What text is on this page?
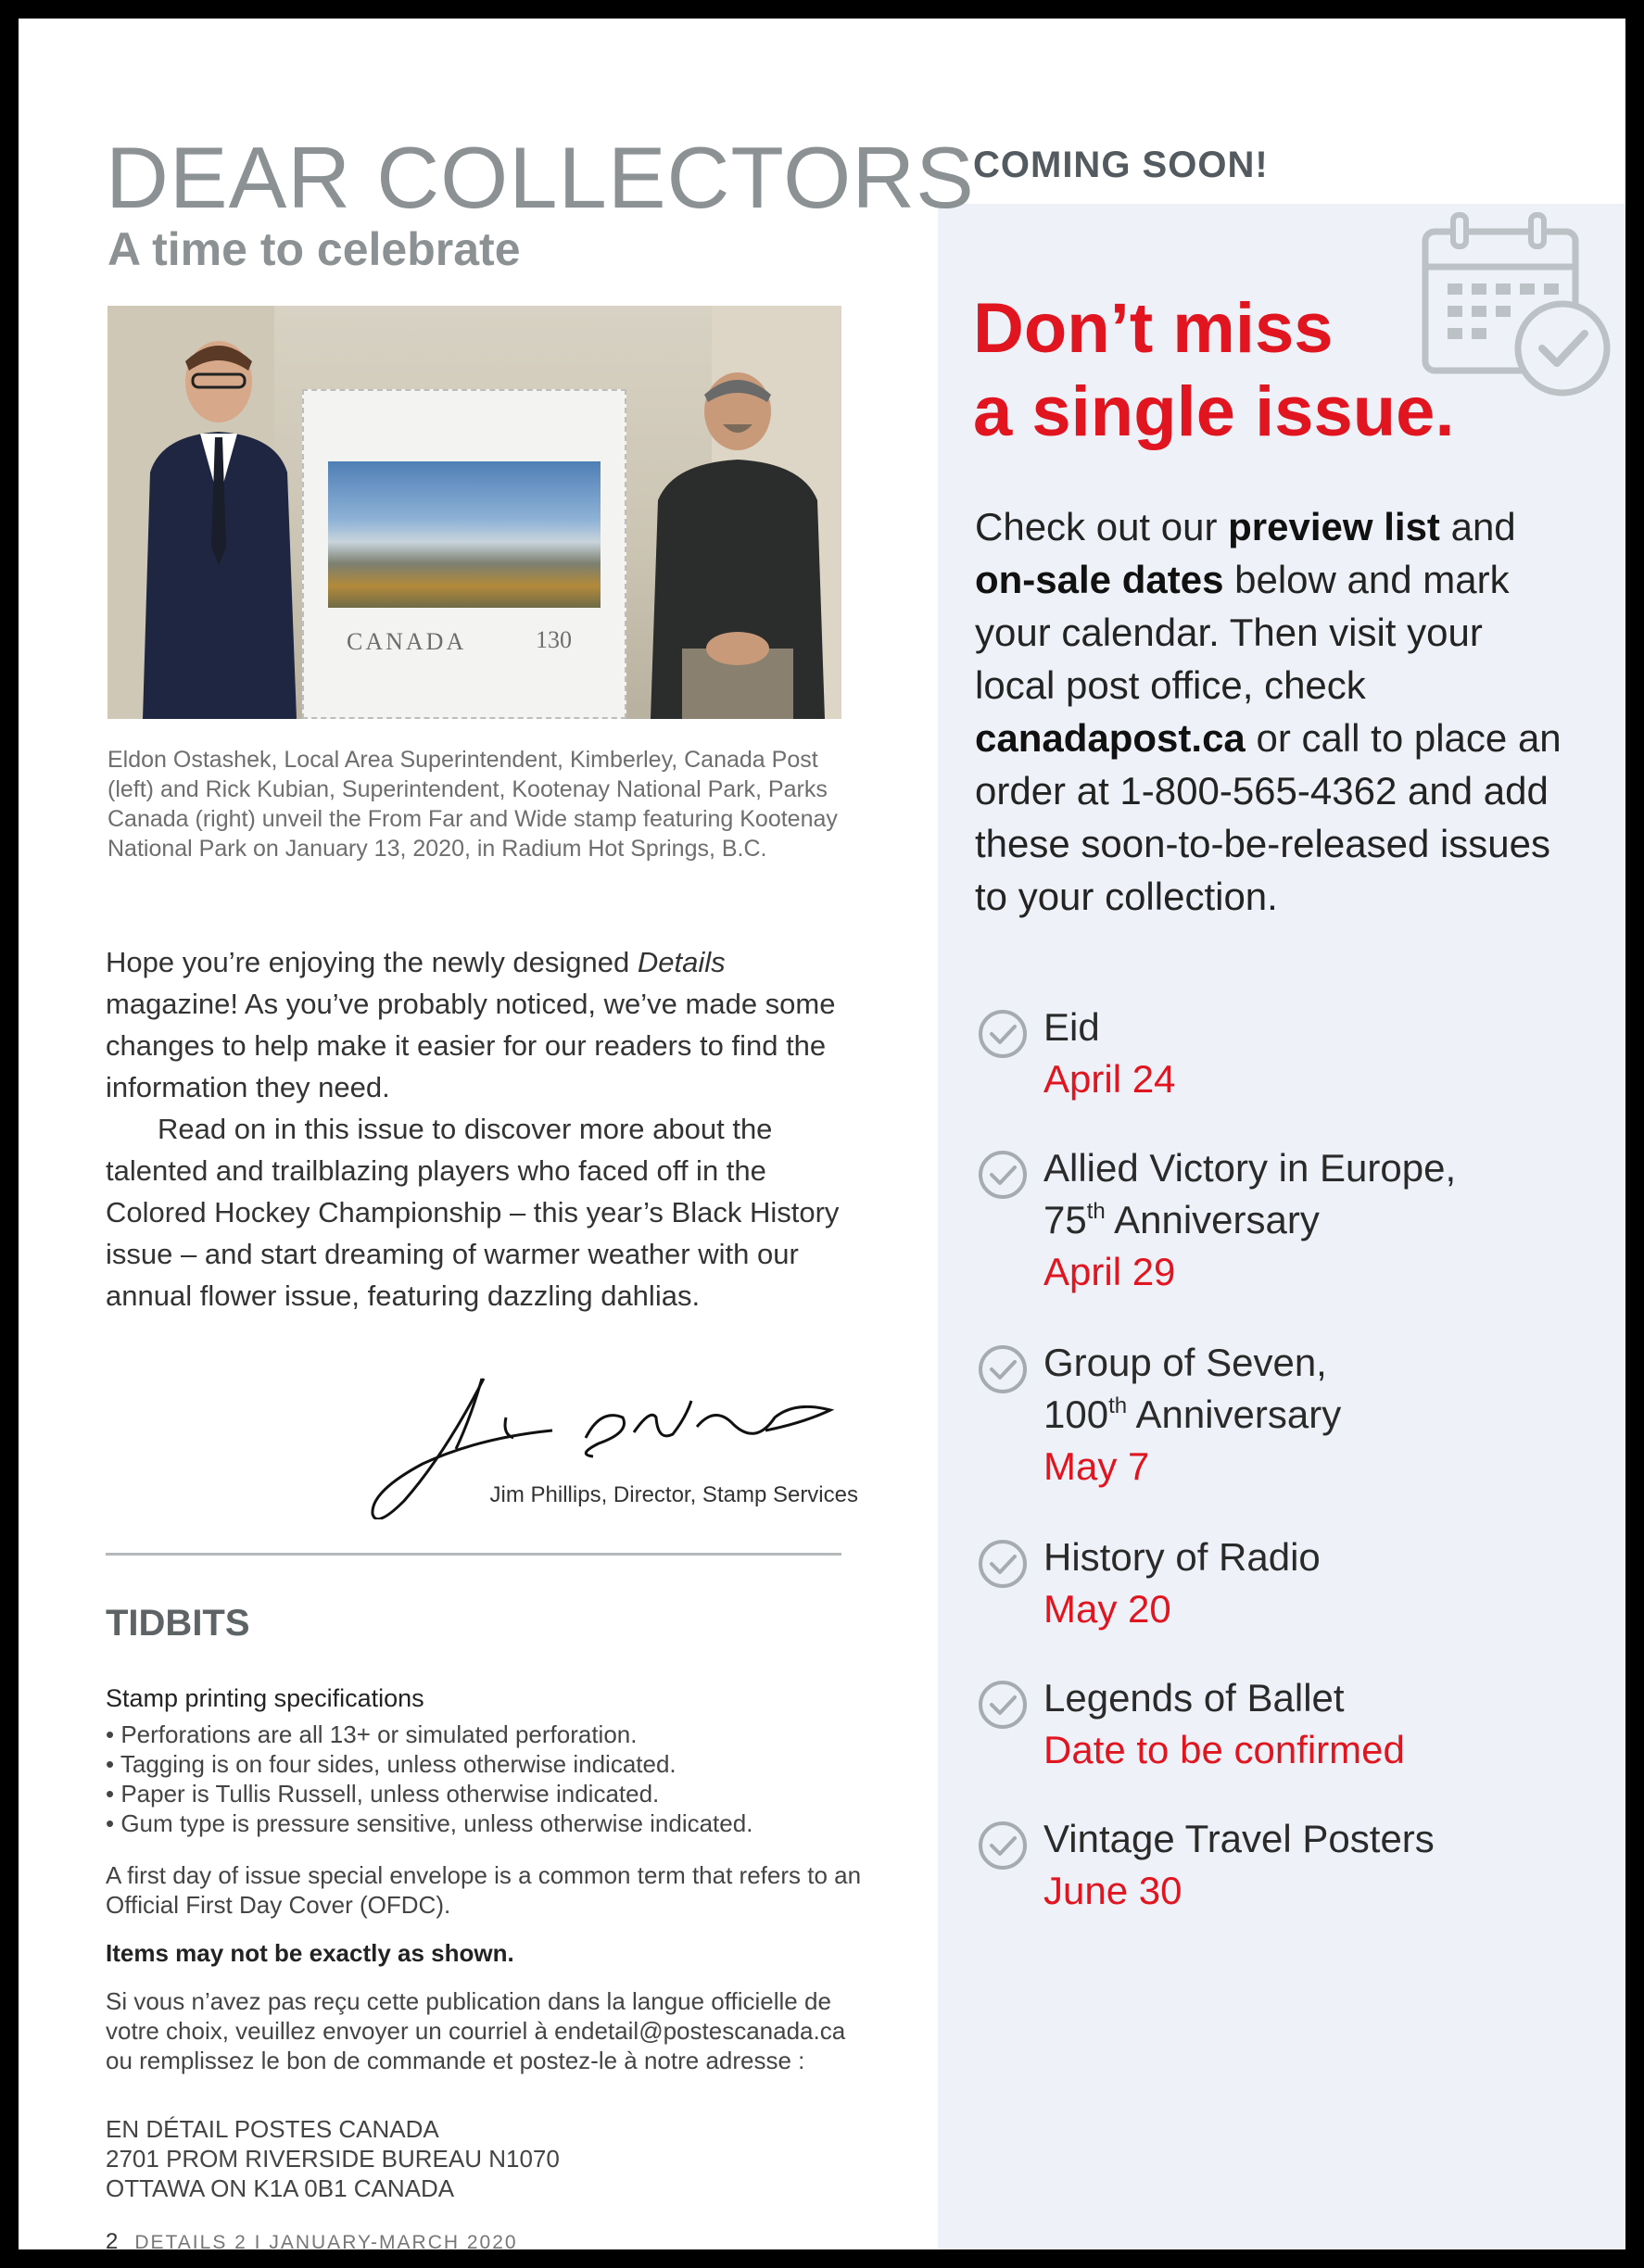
DEAR COLLECTORS
A time to celebrate
CANADA	130

Eldon Ostashek, Local Area Superintendent, Kimberley, Canada Post (left) and Rick Kubian, Superintendent, Kootenay National Park, Parks Canada (right) unveil the From Far and Wide stamp featuring Kootenay National Park on January 13, 2020, in Radium Hot Springs, B.C.

Hope you’re enjoying the newly designed Details magazine! As you’ve probably noticed, we’ve made some changes to help make it easier for our readers to find the information they need.

Read on in this issue to discover more about the talented and trailblazing players who faced off in the Colored Hockey Championship – this year’s Black History issue – and start dreaming of warmer weather with our annual flower issue, featuring dazzling dahlias.

Jim Phillips, Director, Stamp Services
TIDBITS
Stamp printing specifications
• Perforations are all 13+ or simulated perforation.
• Tagging is on four sides, unless otherwise indicated.
• Paper is Tullis Russell, unless otherwise indicated.
• Gum type is pressure sensitive, unless otherwise indicated.

A first day of issue special envelope is a common term that refers to an Official First Day Cover (OFDC).

Items may not be exactly as shown.

Si vous n’avez pas reçu cette publication dans la langue officielle de votre choix, veuillez envoyer un courriel à endetail@postescanada.ca ou remplissez le bon de commande et postez-le à notre adresse :

EN DÉTAIL POSTES CANADA
2701 PROM RIVERSIDE BUREAU N1070
OTTAWA ON K1A 0B1 CANADA
2 DETAILS 2 I JANUARY-MARCH 2020
COMING SOON!
Don’t miss
a single issue.
Check out our preview list and on-sale dates below and mark your calendar. Then visit your local post office, check canadapost.ca or call to place an order at 1-800-565-4362 and add these soon-to-be-released issues to your collection.
Eid
April 24
Allied Victory in Europe,
75th Anniversary
April 29
Group of Seven,
100th Anniversary
May 7
History of Radio
May 20
Legends of Ballet
Date to be confirmed
Vintage Travel Posters
June 30
